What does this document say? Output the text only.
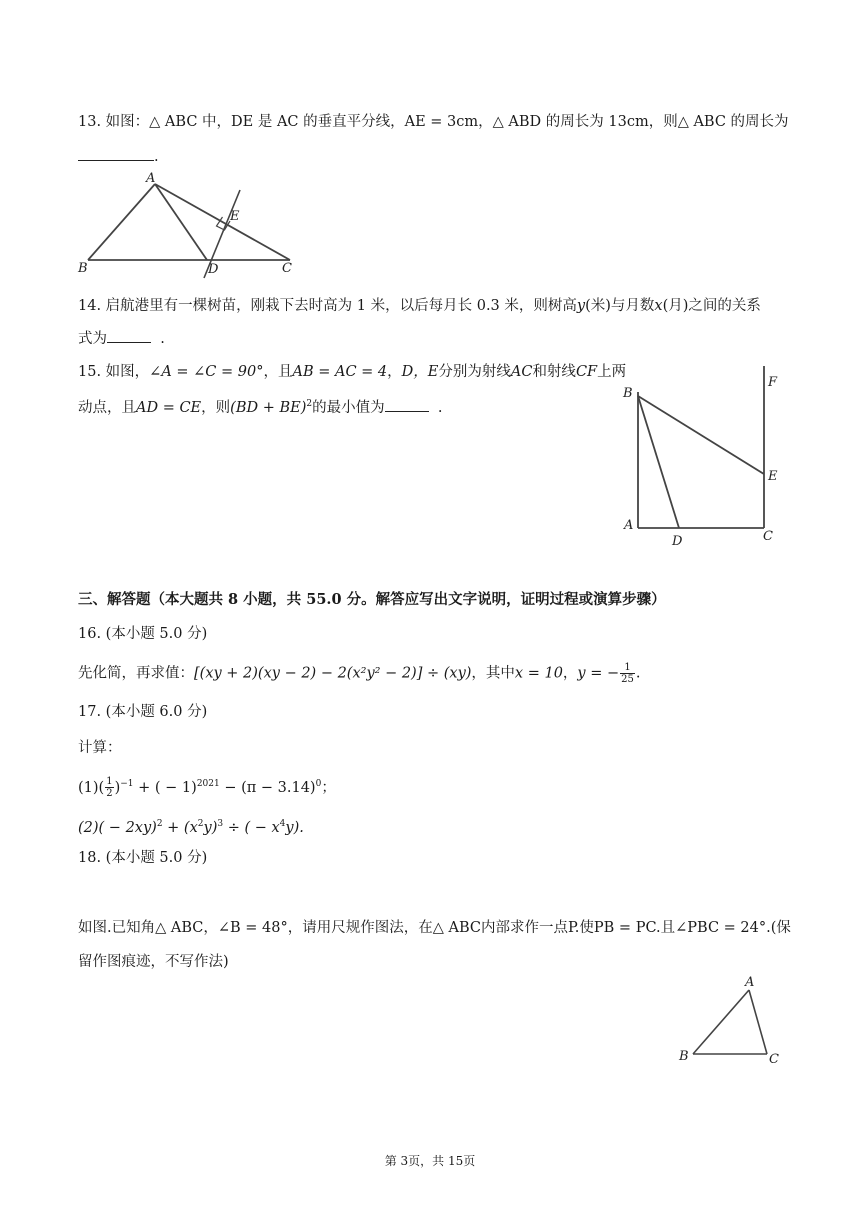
13. 如图：△ ABC 中，DE 是 AC 的垂直平分线，AE = 3cm，△ ABD 的周长为 13cm，则△ ABC 的周长为
.
A
B	C
D
E
14. 启航港里有一棵树苗，刚栽下去时高为 1 米，以后每月长 0.3 米，则树高y(米)与月数x(月)之间的关系
式为	.
15. 如图，∠A = ∠C = 90°，且AB = AC = 4，D，E分别为射线AC和射线CF上两
动点，且AD = CE，则(BD + BE)$^2$的最小值为	.
B
A
D	C
E
F
三、解答题（本大题共 8 小题，共 55.0 分。解答应写出文字说明，证明过程或演算步骤）
16. (本小题 5.0 分)
先化简，再求值：[(xy + 2)(xy − 2) − 2(x²y² − 2)] ÷ (xy)，其中x = 10，y = − $\frac{1}{25}$ .
17. (本小题 6.0 分)
计算：
$(1)( \frac{1}{2} )^{-1}$ + ( − $1)^{2021} - (\pi - 3.14)^0$；
$(2)( - 2xy)^2 + (x^2y)^3$ ÷ ( − $x^4y$).
18. (本小题 5.0 分)
如图.已知角△ ABC，∠B = 48°，请用尺规作图法，在△ ABC内部求作一点P.使PB = PC.且∠PBC = 24°.(保
留作图痕迹，不写作法)
A
B	C
第 3页，共 15页
